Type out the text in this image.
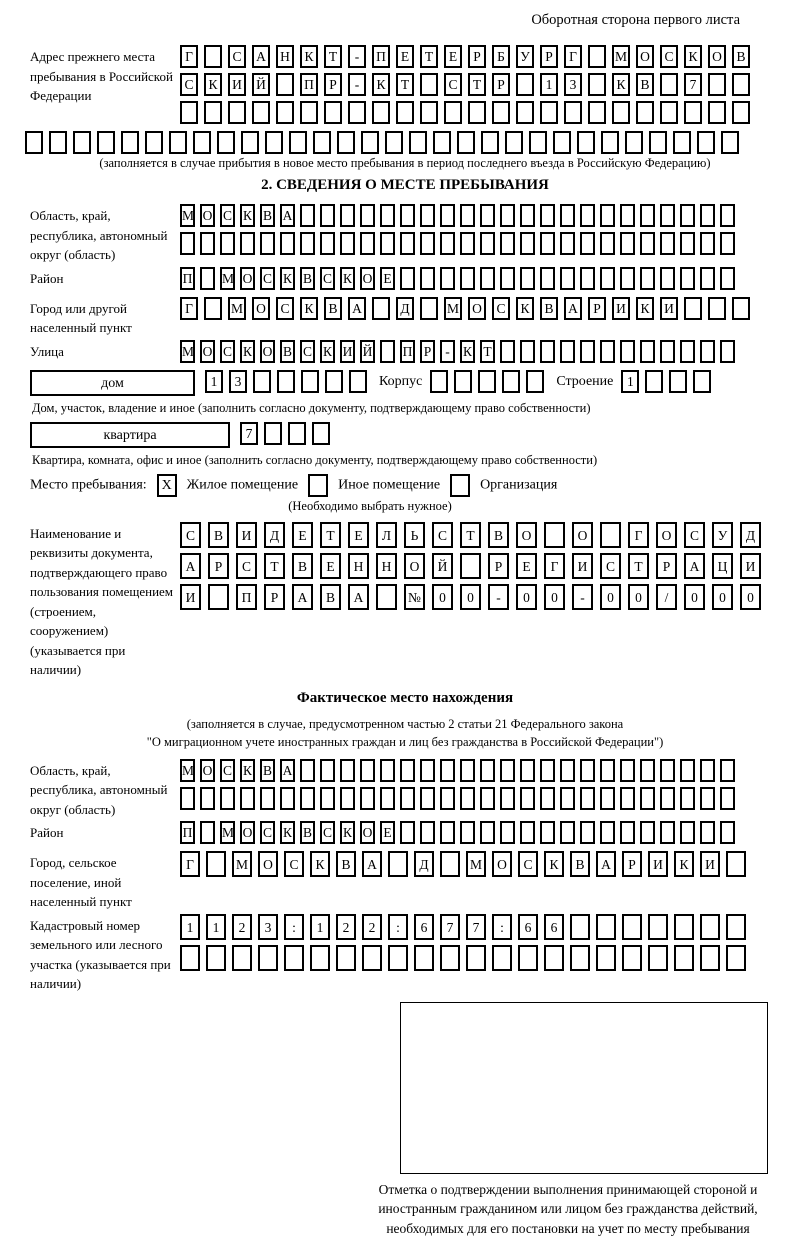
Оборотная сторона первого листа
Адрес прежнего места пребывания в Российской Федерации
Г	С А Н К Т - П Е Т Е Р Б У Р Г	М О С К О В
С К И Й	П Р - К Т	С Т Р	1 3	К В	7

(заполняется в случае прибытия в новое место пребывания в период последнего въезда в Российскую Федерацию)
2. СВЕДЕНИЯ О МЕСТЕ ПРЕБЫВАНИЯ
Область, край, республика, автономный округ (область)
М О С К В А

Район	П М О С К В С К О Е
Город или другой населенный пункт
Г	М О С К В А	Д	М О С К В А Р И К И
Улица	М О С К О В С К И Й П Р - К Т
дом	1 3	Корпус	Строение 1
Дом, участок, владение и иное (заполнить согласно документу, подтверждающему право собственности)
квартира	7
Квартира, комната, офис и иное (заполнить согласно документу, подтверждающему право собственности)
Место пребывания: X Жилое помещение	Иное помещение	Организация
(Необходимо выбрать нужное)
Наименование и реквизиты документа, подтверждающего право пользования помещением (строением, сооружением) (указывается при наличии)
С В И Д Е Т Е Л Ь С Т В О	О	Г О С У Д
А Р С Т В Е Н Н О Й	Р Е Г И С Т Р А Ц И
И	П Р А В А	№ 0 0 - 0 0 - 0 0 / 0 0 0
Фактическое место нахождения
(заполняется в случае, предусмотренном частью 2 статьи 21 Федерального закона
"О миграционном учете иностранных граждан и лиц без гражданства в Российской Федерации")
Область, край, республика, автономный округ (область)
М О С К В А

Район	П М О С К В С К О Е
Город, сельское поселение, иной населенный пункт
Г	М О С К В А	Д	М О С К В А Р И К И
Кадастровый номер земельного или лесного участка (указывается при наличии)
1 1 2 3 : 1 2 2 : 6 7 7 : 6 6

Отметка о подтверждении выполнения принимающей стороной и иностранным гражданином или лицом без гражданства действий, необходимых для его постановки на учет по месту пребывания
